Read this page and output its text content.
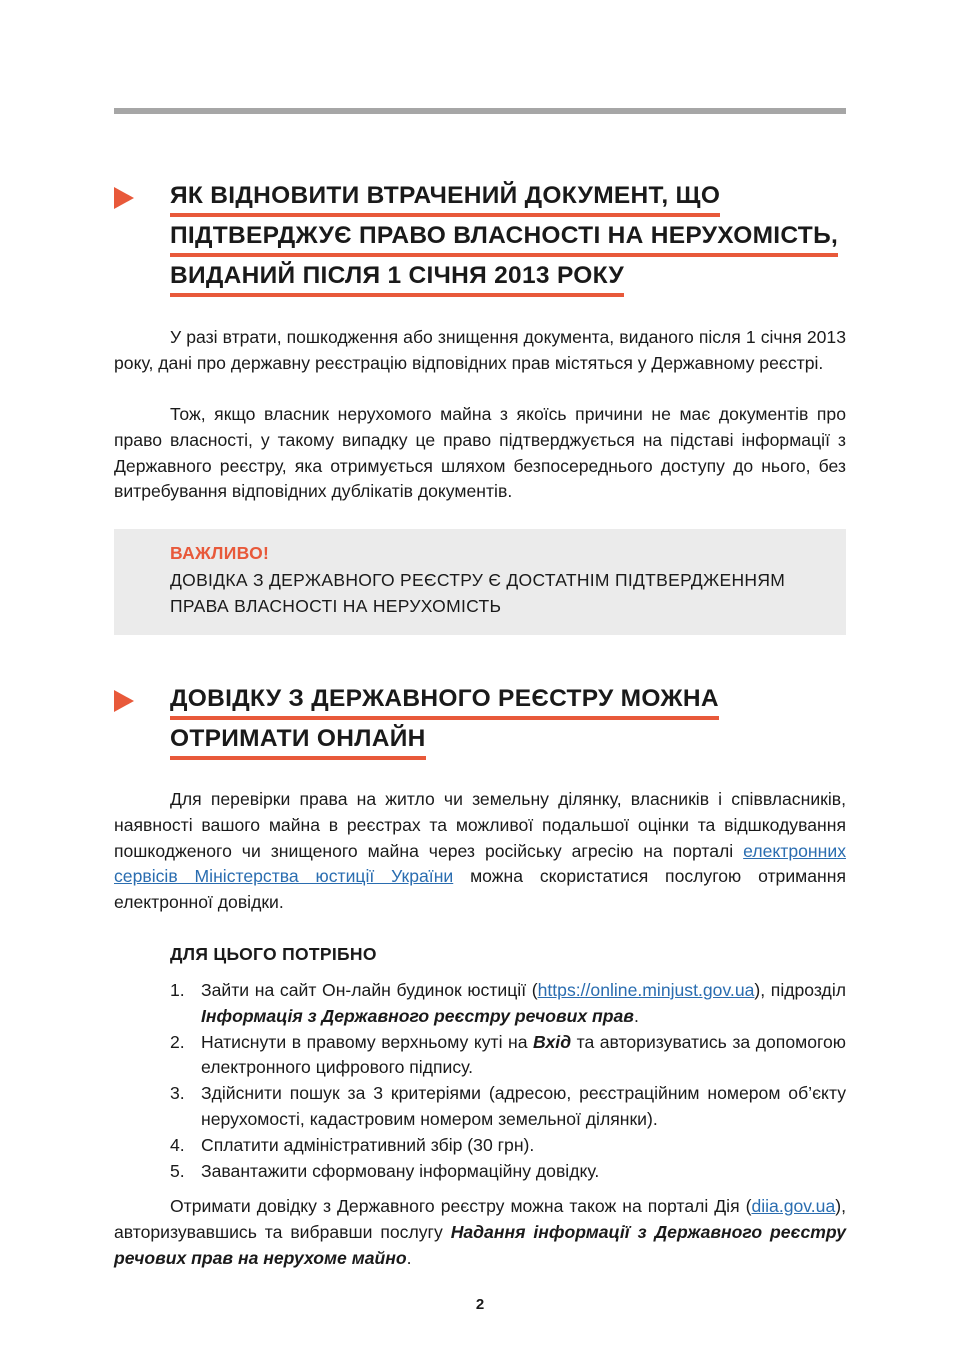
ЯК ВІДНОВИТИ ВТРАЧЕНИЙ ДОКУМЕНТ, ЩО
ПІДТВЕРДЖУЄ ПРАВО ВЛАСНОСТІ НА НЕРУХОМІСТЬ,
ВИДАНИЙ ПІСЛЯ 1 СІЧНЯ 2013 РОКУ

У разі втрати, пошкодження або знищення документа, виданого після 1 січня 2013 року, дані про державну реєстрацію відповідних прав містяться у Державному реєстрі.

Тож, якщо власник нерухомого майна з якоїсь причини не має документів про право власності, у такому випадку це право підтверджується на підставі інформації з Державного реєстру, яка отримується шляхом безпосереднього доступу до нього, без витребування відповідних дублікатів документів.

ВАЖЛИВО!
ДОВІДКА З ДЕРЖАВНОГО РЕЄСТРУ Є ДОСТАТНІМ ПІДТВЕРДЖЕННЯМ ПРАВА ВЛАСНОСТІ НА НЕРУХОМІСТЬ
ДОВІДКУ З ДЕРЖАВНОГО РЕЄСТРУ МОЖНА
ОТРИМАТИ ОНЛАЙН

Для перевірки права на житло чи земельну ділянку, власників і співвласників, наявності вашого майна в реєстрах та можливої подальшої оцінки та відшкодування пошкодженого чи знищеного майна через російську агресію на порталі електронних сервісів Міністерства юстиції України можна скористатися послугою отримання електронної довідки.

ДЛЯ ЦЬОГО ПОТРІБНО
1. Зайти на сайт Он-лайн будинок юстиції (https://online.minjust.gov.ua), підрозділ Інформація з Державного реєстру речових прав.
2. Натиснути в правому верхньому куті на Вхід та авторизуватись за допомогою електронного цифрового підпису.
3. Здійснити пошук за 3 критеріями (адресою, реєстраційним номером об’єкту нерухомості, кадастровим номером земельної ділянки).
4. Сплатити адміністративний збір (30 грн).
5. Завантажити сформовану інформаційну довідку.

Отримати довідку з Державного реєстру можна також на порталі Дія (diia.gov.ua), авторизувавшись та вибравши послугу Надання інформації з Державного реєстру речових прав на нерухоме майно.

2
